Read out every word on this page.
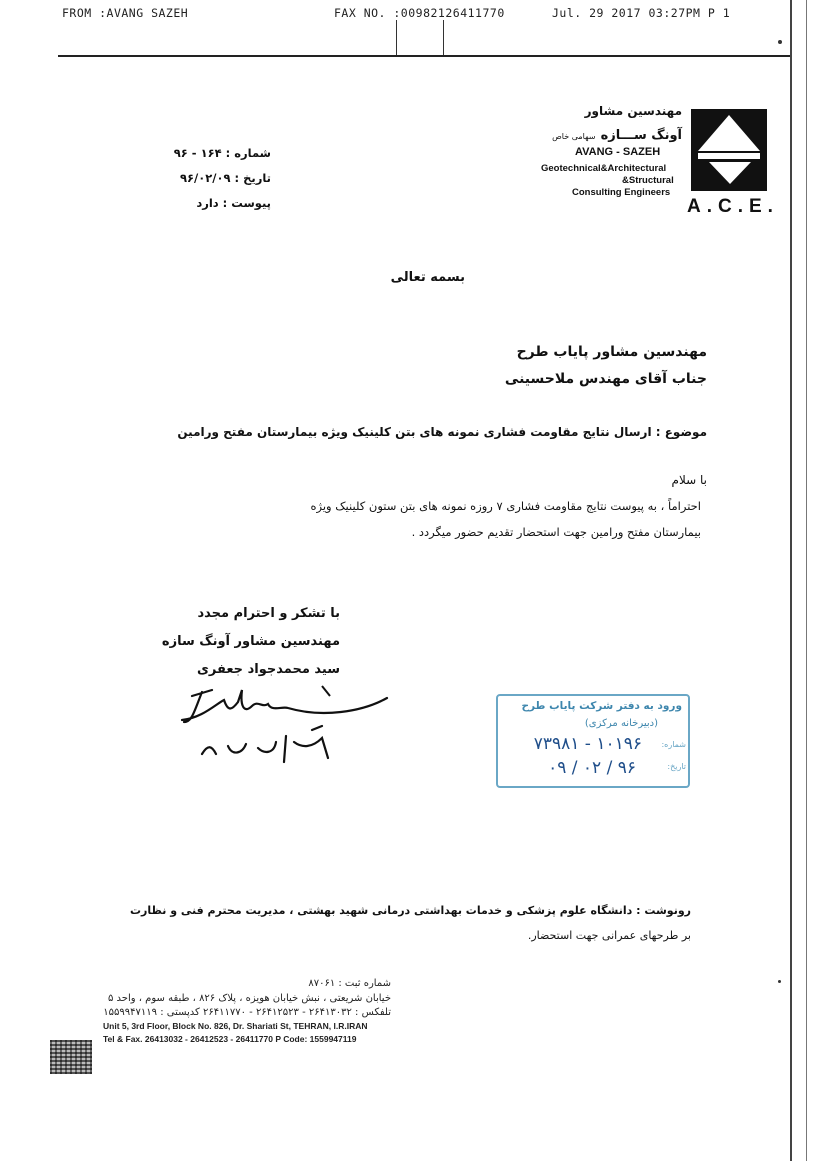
FROM :AVANG SAZEH	FAX NO. :00982126411770	Jul. 29 2017 03:27PM P 1
A.C.E.
مهندسین مشاور
آونگ ســـازه سهامی خاص
AVANG - SAZEH
Geotechnical&Architectural
&Structural
Consulting Engineers
شماره : ۱۶۴ - ۹۶
تاریخ : ۹۶/۰۲/۰۹
پیوست : دارد
بسمه تعالی
مهندسین مشاور پایاب طرح
جناب آقای مهندس ملاحسینی
موضوع : ارسال نتایج مقاومت فشاری نمونه های بتن کلینیک ویژه بیمارستان مفتح ورامین
با سلام
احتراماً ، به پیوست نتایج مقاومت فشاری ۷ روزه نمونه های بتن ستون کلینیک ویژه
بیمارستان مفتح ورامین جهت استحضار تقدیم حضور میگردد .
با تشکر و احترام مجدد
مهندسین مشاور آونگ سازه
سید محمدجواد جعفری
ورود به دفتر شرکت پایاب طرح
(دبیرخانه مرکزی)
شماره:
۱۰۱۹۶ - ۷۳۹۸۱
تاریخ:
۹۶ / ۰۲ / ۰۹
رونوشت : دانشگاه علوم پزشکی و خدمات بهداشتی درمانی شهید بهشتی ، مدیریت محترم فنی و نظارت
بر طرحهای عمرانی جهت استحضار.
شماره ثبت : ۸۷۰۶۱
خیابان شریعتی ، نبش خیابان هویزه ، پلاک ۸۲۶ ، طبقه سوم ، واحد ۵
تلفکس : ۲۶۴۱۳۰۳۲ - ۲۶۴۱۲۵۲۳ - ۲۶۴۱۱۷۷۰ کدپستی : ۱۵۵۹۹۴۷۱۱۹
Unit 5, 3rd Floor, Block No. 826, Dr. Shariati St, TEHRAN, I.R.IRAN
Tel & Fax. 26413032 - 26412523 - 26411770 P Code: 1559947119
